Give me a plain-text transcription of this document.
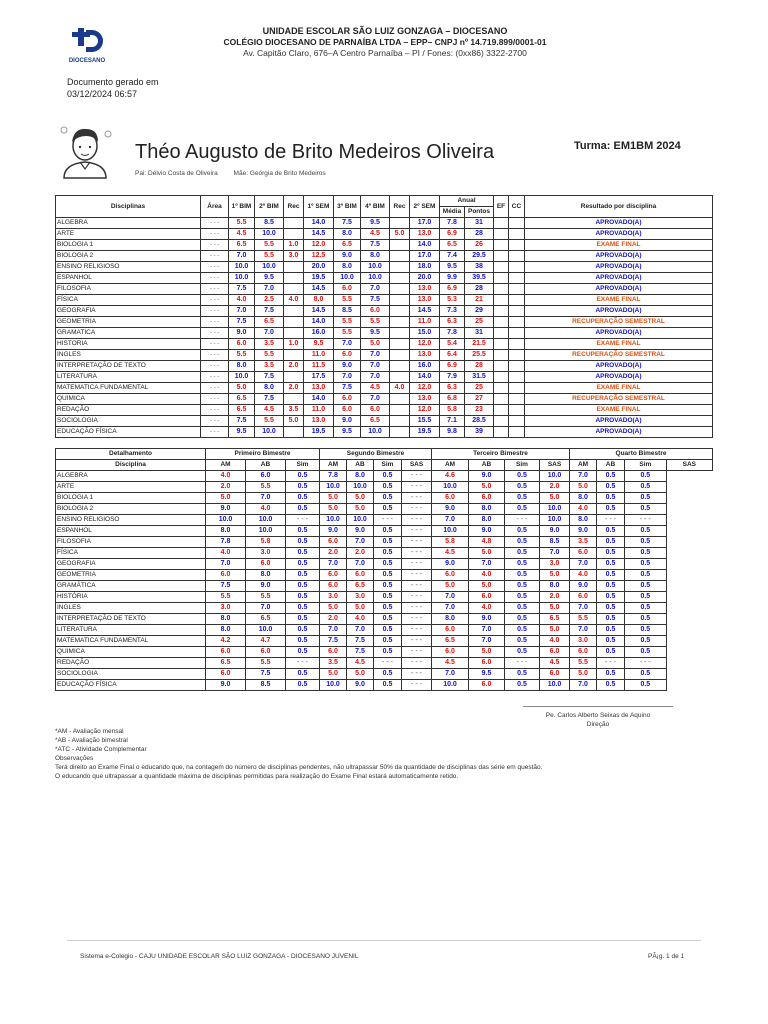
DIOCESANO
UNIDADE ESCOLAR SÃO LUIZ GONZAGA – DIOCESANO
COLÉGIO DIOCESANO DE PARNAÍBA LTDA – EPP– CNPJ nº 14.719.899/0001-01
Av. Capitão Claro, 676–A Centro Parnaíba – PI / Fones: (0xx86) 3322-2700
Documento gerado em
03/12/2024 06:57
Théo Augusto de Brito Medeiros Oliveira	Turma: EM1BM 2024
Pai: Délvio Costa de Oliveira Mãe: Geórgia de Brito Medeiros
Disciplinas	Área	1º BIM	2º BIM	Rec	1º SEM	3º BIM	4º BIM	Rec	2º SEM	Anual		EF	CC	Resultado por disciplina
										Média	Pontos			
ALGEBRA	- - -	5.5	8.5		14.0	7.5	9.5		17.0	7.8	31			APROVADO(A)
ARTE	- - -	4.5	10.0		14.5	8.0	4.5	5.0	13.0	6.9	28			APROVADO(A)
BIOLOGIA 1	- - -	6.5	5.5	1.0	12.0	6.5	7.5		14.0	6.5	26			EXAME FINAL
BIOLOGIA 2	- - -	7.0	5.5	3.0	12.5	9.0	8.0		17.0	7.4	29.5			APROVADO(A)
ENSINO RELIGIOSO	- - -	10.0	10.0		20.0	8.0	10.0		18.0	9.5	38			APROVADO(A)
ESPANHOL	- - -	10.0	9.5		19.5	10.0	10.0		20.0	9.9	39.5			APROVADO(A)
FILOSOFIA	- - -	7.5	7.0		14.5	6.0	7.0		13.0	6.9	28			APROVADO(A)
FÍSICA	- - -	4.0	2.5	4.0	8.0	5.5	7.5		13.0	5.3	21			EXAME FINAL
GEOGRAFIA	- - -	7.0	7.5		14.5	8.5	6.0		14.5	7.3	29			APROVADO(A)
GEOMETRIA	- - -	7.5	6.5		14.0	5.5	5.5		11.0	6.3	25			RECUPERAÇÃO SEMESTRAL
GRAMATICA	- - -	9.0	7.0		16.0	5.5	9.5		15.0	7.8	31			APROVADO(A)
HISTORIA	- - -	6.0	3.5	1.0	9.5	7.0	5.0		12.0	5.4	21.5			EXAME FINAL
INGLES	- - -	5.5	5.5		11.0	6.0	7.0		13.0	6.4	25.5			RECUPERAÇÃO SEMESTRAL
INTERPRETAÇÃO DE TEXTO	- - -	8.0	3.5	2.0	11.5	9.0	7.0		16.0	6.9	28			APROVADO(A)
LITERATURA	- - -	10.0	7.5		17.5	7.0	7.0		14.0	7.9	31.5			APROVADO(A)
MATEMATICA FUNDAMENTAL	- - -	5.0	8.0	2.0	13.0	7.5	4.5	4.0	12.0	6.3	25			EXAME FINAL
QUIMICA	- - -	6.5	7.5		14.0	6.0	7.0		13.0	6.8	27			RECUPERAÇÃO SEMESTRAL
REDAÇÃO	- - -	6.5	4.5	3.5	11.0	6.0	6.0		12.0	5.8	23			EXAME FINAL
SOCIOLOGIA	- - -	7.5	5.5	5.0	13.0	9.0	6.5		15.5	7.1	28.5			APROVADO(A)
EDUCAÇÃO FÍSICA	- - -	9.5	10.0		19.5	9.5	10.0		19.5	9.8	39			APROVADO(A)
Detalhamento	Primeiro Bimestre			Segundo Bimestre				Terceiro Bimestre				Quarto Bimestre			
Disciplina	AM	AB	Sim	AM	AB	Sim	SAS	AM	AB	Sim	SAS	AM	AB	Sim	SAS
ALGEBRA	4.0	6.0	0.5	7.8	8.0	0.5	- - -	4.6	9.0	0.5	10.0	7.0	0.5	0.5	
ARTE	2.0	5.5	0.5	10.0	10.0	0.5	- - -	10.0	5.0	0.5	2.0	5.0	0.5	0.5	
BIOLOGIA 1	5.0	7.0	0.5	5.0	5.0	0.5	- - -	6.0	6.0	0.5	5.0	8.0	0.5	0.5	
BIOLOGIA 2	9.0	4.0	0.5	5.0	5.0	0.5	- - -	9.0	8.0	0.5	10.0	4.0	0.5	0.5	
ENSINO RELIGIOSO	10.0	10.0	- - -	10.0	10.0	- - -	- - -	7.0	8.0	- - -	10.0	8.0	- - -	- - -	
ESPANHOL	8.0	10.0	0.5	9.0	9.0	0.5	- - -	10.0	9.0	0.5	9.0	9.0	0.5	0.5	
FILOSOFIA	7.8	5.8	0.5	6.0	7.0	0.5	- - -	5.8	4.8	0.5	8.5	3.5	0.5	0.5	
FÍSICA	4.0	3.0	0.5	2.0	2.0	0.5	- - -	4.5	5.0	0.5	7.0	6.0	0.5	0.5	
GEOGRAFIA	7.0	6.0	0.5	7.0	7.0	0.5	- - -	9.0	7.0	0.5	3.0	7.0	0.5	0.5	
GEOMETRIA	6.0	8.0	0.5	6.0	6.0	0.5	- - -	6.0	4.0	0.5	5.0	4.0	0.5	0.5	
GRAMÁTICA	7.5	9.0	0.5	6.0	6.5	0.5	- - -	5.0	5.0	0.5	8.0	9.0	0.5	0.5	
HISTÓRIA	5.5	5.5	0.5	3.0	3.0	0.5	- - -	7.0	6.0	0.5	2.0	6.0	0.5	0.5	
INGLES	3.0	7.0	0.5	5.0	5.0	0.5	- - -	7.0	4.0	0.5	5.0	7.0	0.5	0.5	
INTERPRETAÇÃO DE TEXTO	8.0	6.5	0.5	2.0	4.0	0.5	- - -	8.0	9.0	0.5	6.5	5.5	0.5	0.5	
LITERATURA	8.0	10.0	0.5	7.0	7.0	0.5	- - -	6.0	7.0	0.5	5.0	7.0	0.5	0.5	
MATEMATICA FUNDAMENTAL	4.2	4.7	0.5	7.5	7.5	0.5	- - -	6.5	7.0	0.5	4.0	3.0	0.5	0.5	
QUIMICA	6.0	6.0	0.5	6.0	7.5	0.5	- - -	6.0	5.0	0.5	6.0	6.0	0.5	0.5	
REDAÇÃO	6.5	5.5	- - -	3.5	4.5	- - -	- - -	4.5	6.0	- - -	4.5	5.5	- - -	- - -	
SOCIOLOGIA	6.0	7.5	0.5	5.0	5.0	0.5	- - -	7.0	9.5	0.5	6.0	5.0	0.5	0.5	
EDUCAÇÃO FÍSICA	9.0	8.5	0.5	10.0	9.0	0.5	- - -	10.0	6.0	0.5	10.0	7.0	0.5	0.5	
Pe. Carlos Alberto Seixas de Aquino
Direção
*AM - Avaliação mensal
*AB - Avaliação bimestral
*ATC - Atividade Complementar
Observações
Terá direito ao Exame Final o educando que, na contagem do número de disciplinas pendentes, não ultrapassar 50% da quantidade de disciplinas das série em questão.
O educando que ultrapassar a quantidade máxima de disciplinas permitidas para realização do Exame Final estará automaticamente retido.
Sistema e-Colegio - CAJU UNIDADE ESCOLAR SÃO LUIZ GONZAGA - DIOCESANO JUVENIL	PÃ¡g. 1 de 1
